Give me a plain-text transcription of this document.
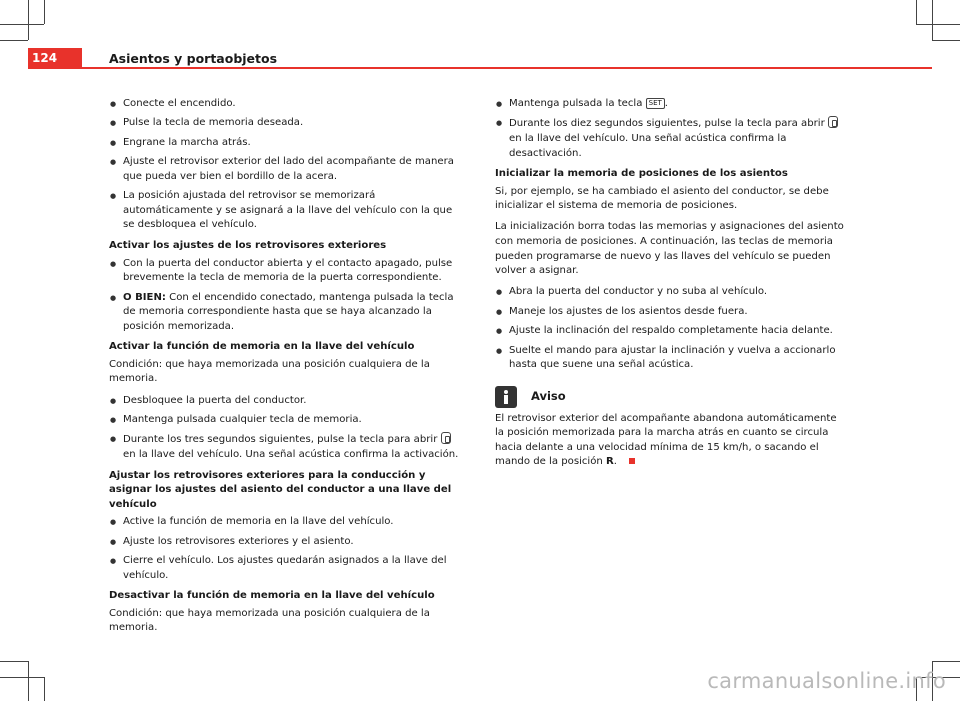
124	Asientos y portaobjetos
● Conecte el encendido.
● Pulse la tecla de memoria deseada.
● Engrane la marcha atrás.
● Ajuste el retrovisor exterior del lado del acompañante de manera que pueda ver bien el bordillo de la acera.
● La posición ajustada del retrovisor se memorizará automáticamente y se asignará a la llave del vehículo con la que se desbloquea el vehículo.
Activar los ajustes de los retrovisores exteriores
● Con la puerta del conductor abierta y el contacto apagado, pulse brevemente la tecla de memoria de la puerta correspondiente.
● O BIEN: Con el encendido conectado, mantenga pulsada la tecla de memoria correspondiente hasta que se haya alcanzado la posición memorizada.
Activar la función de memoria en la llave del vehículo
Condición: que haya memorizada una posición cualquiera de la memoria.
● Desbloquee la puerta del conductor.
● Mantenga pulsada cualquier tecla de memoria.
● Durante los tres segundos siguientes, pulse la tecla para abrir  en la llave del vehículo. Una señal acústica confirma la activación.
Ajustar los retrovisores exteriores para la conducción y asignar los ajustes del asiento del conductor a una llave del vehículo
● Active la función de memoria en la llave del vehículo.
● Ajuste los retrovisores exteriores y el asiento.
● Cierre el vehículo. Los ajustes quedarán asignados a la llave del vehículo.
Desactivar la función de memoria en la llave del vehículo
Condición: que haya memorizada una posición cualquiera de la memoria.
● Mantenga pulsada la tecla SET .
● Durante los diez segundos siguientes, pulse la tecla para abrir  en la llave del vehículo. Una señal acústica confirma la desactivación.
Inicializar la memoria de posiciones de los asientos
Si, por ejemplo, se ha cambiado el asiento del conductor, se debe inicializar el sistema de memoria de posiciones.
La inicialización borra todas las memorias y asignaciones del asiento con memoria de posiciones. A continuación, las teclas de memoria pueden programarse de nuevo y las llaves del vehículo se pueden volver a asignar.
● Abra la puerta del conductor y no suba al vehículo.
● Maneje los ajustes de los asientos desde fuera.
● Ajuste la inclinación del respaldo completamente hacia delante.
● Suelte el mando para ajustar la inclinación y vuelva a accionarlo hasta que suene una señal acústica.
Aviso
El retrovisor exterior del acompañante abandona automáticamente la posición memorizada para la marcha atrás en cuanto se circula hacia delante a una velocidad mínima de 15 km/h, o sacando el mando de la posición R.
carmanualsonline.info
